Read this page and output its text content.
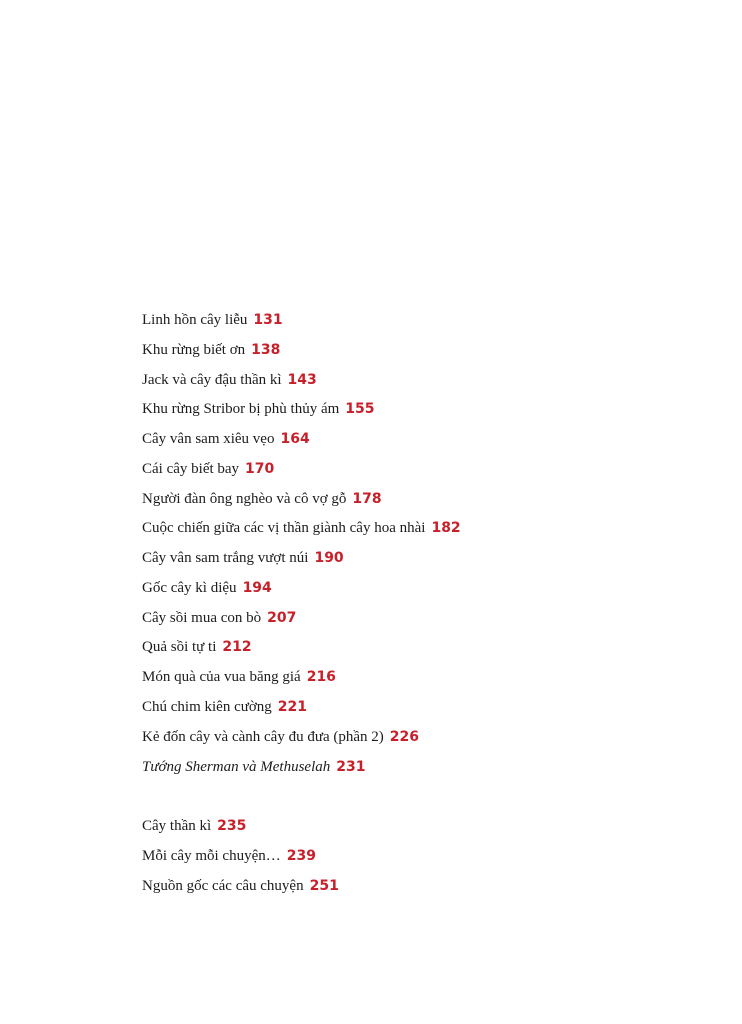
Linh hồn cây liễu 131
Khu rừng biết ơn 138
Jack và cây đậu thần kì 143
Khu rừng Stribor bị phù thủy ám 155
Cây vân sam xiêu vẹo 164
Cái cây biết bay 170
Người đàn ông nghèo và cô vợ gỗ 178
Cuộc chiến giữa các vị thần giành cây hoa nhài 182
Cây vân sam trắng vượt núi 190
Gốc cây kì diệu 194
Cây sồi mua con bò 207
Quả sồi tự ti 212
Món quà của vua băng giá 216
Chú chim kiên cường 221
Kẻ đốn cây và cành cây đu đưa (phần 2) 226
Tướng Sherman và Methuselah 231
Cây thần kì 235
Mỗi cây mỗi chuyện… 239
Nguồn gốc các câu chuyện 251
